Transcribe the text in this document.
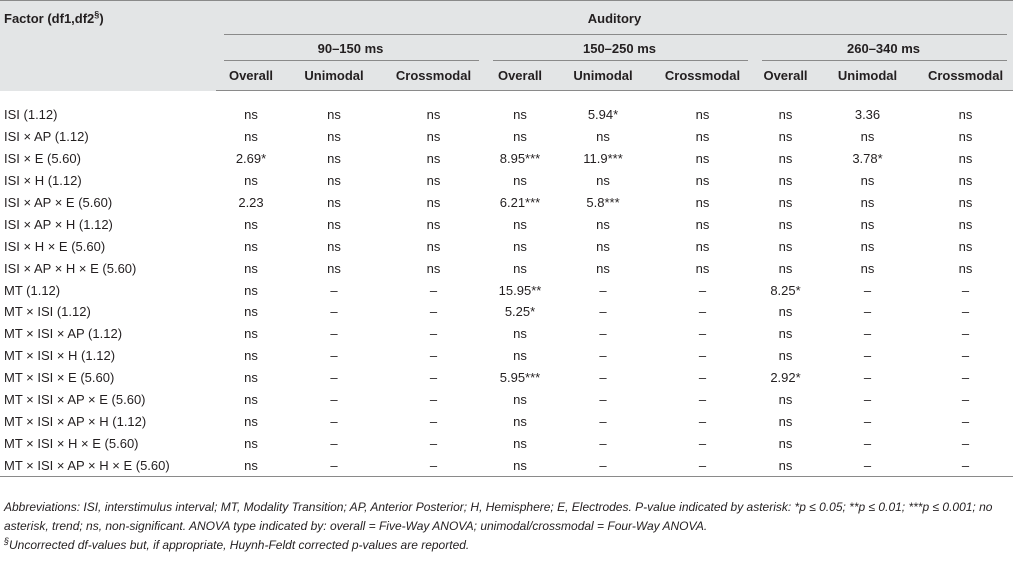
Factor (df1,df2§)	Auditory								
	90–150 ms			150–250 ms			260–340 ms		
	Overall	Unimodal	Crossmodal	Overall	Unimodal	Crossmodal	Overall	Unimodal	Crossmodal

ISI (1.12)	ns	ns	ns	ns	5.94*	ns	ns	3.36	ns
ISI × AP (1.12)	ns	ns	ns	ns	ns	ns	ns	ns	ns
ISI × E (5.60)	2.69*	ns	ns	8.95***	11.9***	ns	ns	3.78*	ns
ISI × H (1.12)	ns	ns	ns	ns	ns	ns	ns	ns	ns
ISI × AP × E (5.60)	2.23	ns	ns	6.21***	5.8***	ns	ns	ns	ns
ISI × AP × H (1.12)	ns	ns	ns	ns	ns	ns	ns	ns	ns
ISI × H × E (5.60)	ns	ns	ns	ns	ns	ns	ns	ns	ns
ISI × AP × H × E (5.60)	ns	ns	ns	ns	ns	ns	ns	ns	ns
MT (1.12)	ns	–	–	15.95**	–	–	8.25*	–	–
MT × ISI (1.12)	ns	–	–	5.25*	–	–	ns	–	–
MT × ISI × AP (1.12)	ns	–	–	ns	–	–	ns	–	–
MT × ISI × H (1.12)	ns	–	–	ns	–	–	ns	–	–
MT × ISI × E (5.60)	ns	–	–	5.95***	–	–	2.92*	–	–
MT × ISI × AP × E (5.60)	ns	–	–	ns	–	–	ns	–	–
MT × ISI × AP × H (1.12)	ns	–	–	ns	–	–	ns	–	–
MT × ISI × H × E (5.60)	ns	–	–	ns	–	–	ns	–	–
MT × ISI × AP × H × E (5.60)	ns	–	–	ns	–	–	ns	–	–

Abbreviations: ISI, interstimulus interval; MT, Modality Transition; AP, Anterior Posterior; H, Hemisphere; E, Electrodes. P-value indicated by asterisk: *p ≤ 0.05; **p ≤ 0.01; ***p ≤ 0.001; no asterisk, trend; ns, non-significant. ANOVA type indicated by: overall = Five-Way ANOVA; unimodal/crossmodal = Four-Way ANOVA.

§Uncorrected df-values but, if appropriate, Huynh-Feldt corrected p-values are reported.
